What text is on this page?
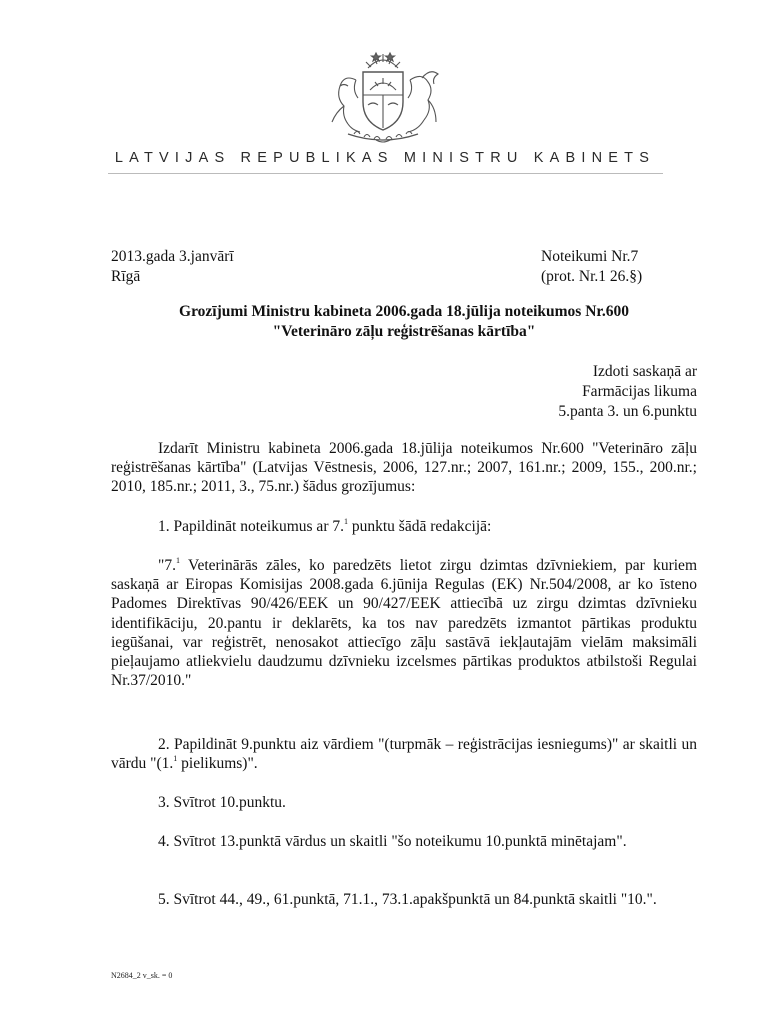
LATVIJAS REPUBLIKAS MINISTRU KABINETS
2013.gada 3.janvārī
Rīgā
Noteikumi Nr.7
(prot. Nr.1 26.§)
Grozījumi Ministru kabineta 2006.gada 18.jūlija noteikumos Nr.600
"Veterināro zāļu reģistrēšanas kārtība"
Izdoti saskaņā ar
Farmācijas likuma
5.panta 3. un 6.punktu

Izdarīt Ministru kabineta 2006.gada 18.jūlija noteikumos Nr.600 "Veterināro zāļu reģistrēšanas kārtība" (Latvijas Vēstnesis, 2006, 127.nr.; 2007, 161.nr.; 2009, 155., 200.nr.; 2010, 185.nr.; 2011, 3., 75.nr.) šādus grozījumus:

1. Papildināt noteikumus ar 7.$^1$ punktu šādā redakcijā:

"7.$^1$ Veterinārās zāles, ko paredzēts lietot zirgu dzimtas dzīvniekiem, par kuriem saskaņā ar Eiropas Komisijas 2008.gada 6.jūnija Regulas (EK) Nr.504/2008, ar ko īsteno Padomes Direktīvas 90/426/EEK un 90/427/EEK attiecībā uz zirgu dzimtas dzīvnieku identifikāciju, 20.pantu ir deklarēts, ka tos nav paredzēts izmantot pārtikas produktu iegūšanai, var reģistrēt, nenosakot attiecīgo zāļu sastāvā iekļautajām vielām maksimāli pieļaujamo atliekvielu daudzumu dzīvnieku izcelsmes pārtikas produktos atbilstoši Regulai Nr.37/2010."

2. Papildināt 9.punktu aiz vārdiem "(turpmāk – reģistrācijas iesniegums)" ar skaitli un vārdu "(1.$^1$ pielikums)".

3. Svītrot 10.punktu.

4. Svītrot 13.punktā vārdus un skaitli "šo noteikumu 10.punktā minētajam".

5. Svītrot 44., 49., 61.punktā, 71.1., 73.1.apakšpunktā un 84.punktā skaitli "10.".

N2684_2 v_sk. = 0
